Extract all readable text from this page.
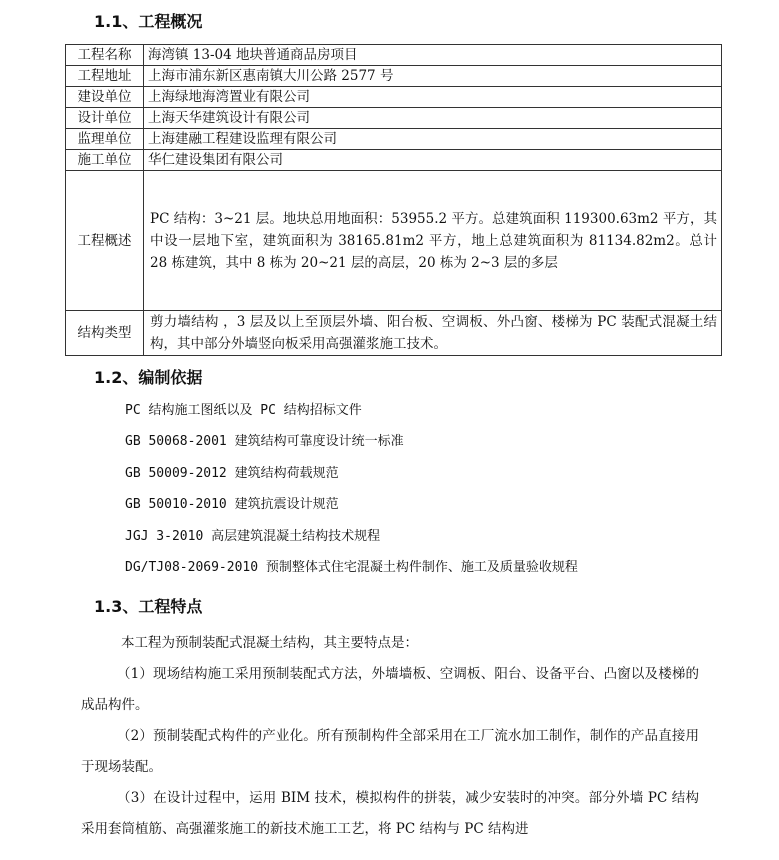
1.1、工程概况
工程名称	海湾镇 13-04 地块普通商品房项目
工程地址	上海市浦东新区惠南镇大川公路 2577 号
建设单位	上海绿地海湾置业有限公司
设计单位	上海天华建筑设计有限公司
监理单位	上海建融工程建设监理有限公司
施工单位	华仁建设集团有限公司
工程概述	PC 结构：3~21 层。地块总用地面积：53955.2 平方。总建筑面积 119300.63m2 平方，其中设一层地下室，建筑面积为 38165.81m2 平方，地上总建筑面积为 81134.82m2。总计 28 栋建筑，其中 8 栋为 20~21 层的高层，20 栋为 2~3 层的多层
结构类型	剪力墙结构 ，3 层及以上至顶层外墙、阳台板、空调板、外凸窗、楼梯为 PC 装配式混凝土结构，其中部分外墙竖向板采用高强灌浆施工技术。
1.2、编制依据
PC 结构施工图纸以及 PC 结构招标文件
GB 50068-2001 建筑结构可靠度设计统一标准
GB 50009-2012 建筑结构荷载规范
GB 50010-2010 建筑抗震设计规范
JGJ 3-2010 高层建筑混凝土结构技术规程
DG/TJ08-2069-2010 预制整体式住宅混凝土构件制作、施工及质量验收规程
1.3、工程特点

本工程为预制装配式混凝土结构，其主要特点是：

（1）现场结构施工采用预制装配式方法，外墙墙板、空调板、阳台、设备平台、凸窗以及楼梯的成品构件。

（2）预制装配式构件的产业化。所有预制构件全部采用在工厂流水加工制作，制作的产品直接用于现场装配。

（3）在设计过程中，运用 BIM 技术，模拟构件的拼装，减少安装时的冲突。部分外墙 PC 结构采用套筒植筋、高强灌浆施工的新技术施工工艺，将 PC 结构与 PC 结构进
